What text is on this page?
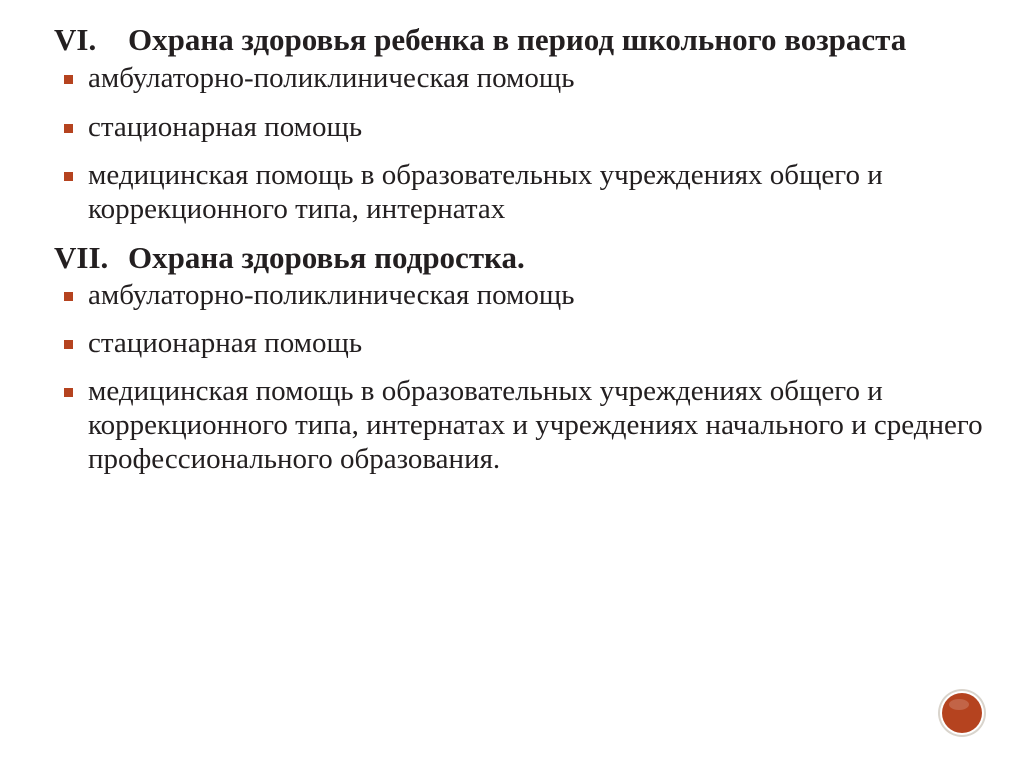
VI. Охрана здоровья ребенка в период школьного возраста
амбулаторно-поликлиническая помощь
стационарная помощь
медицинская помощь в образовательных учреждениях общего и коррекционного типа, интернатах
VII. Охрана здоровья подростка.
амбулаторно-поликлиническая помощь
стационарная помощь
медицинская помощь в образовательных учреждениях общего и коррекционного типа, интернатах и учреждениях начального и среднего профессионального образования.
